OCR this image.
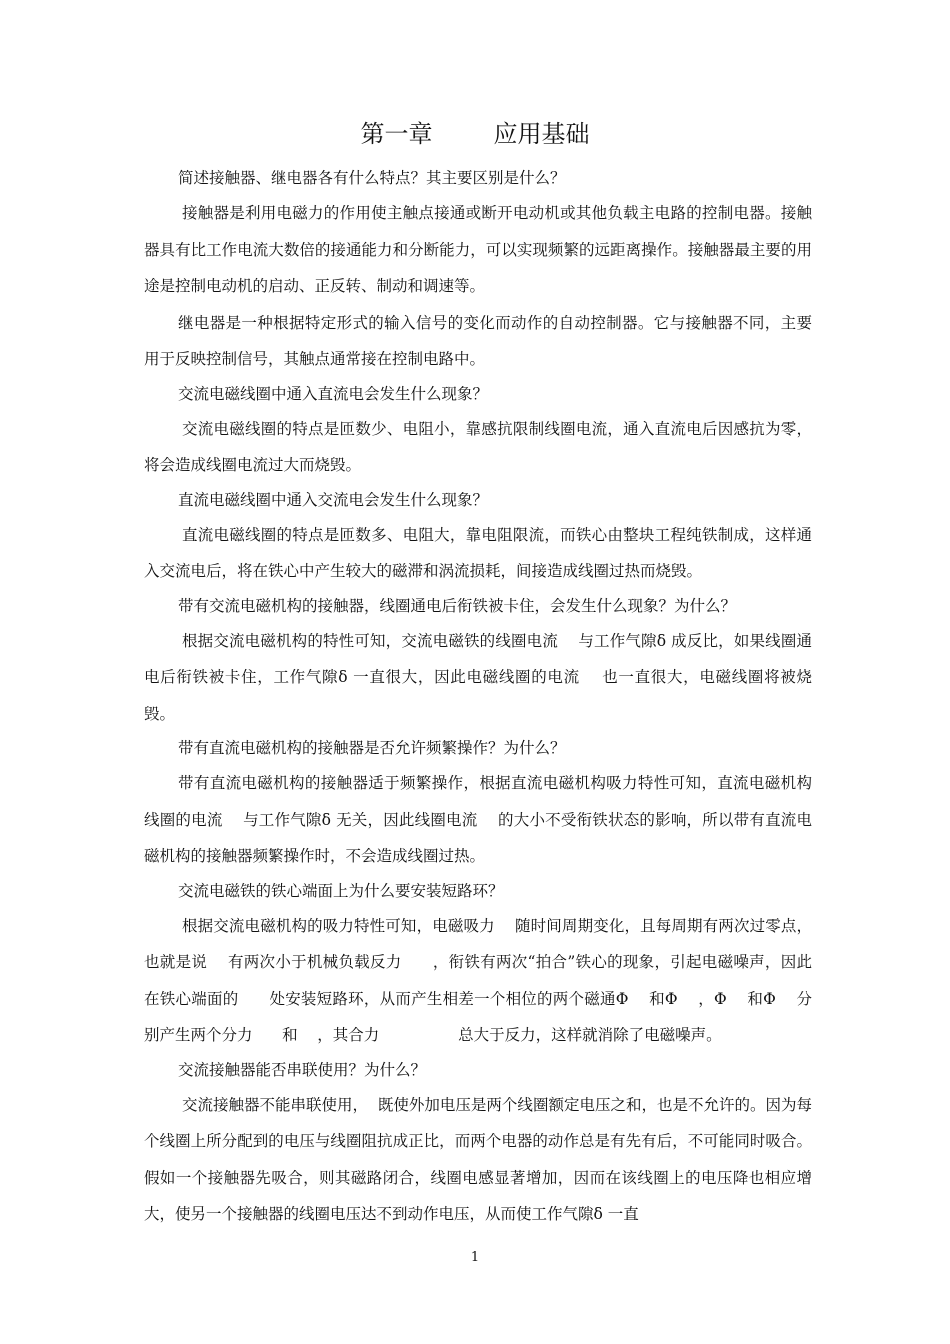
第一章        应用基础

简述接触器、继电器各有什么特点？其主要区别是什么？

接触器是利用电磁力的作用使主触点接通或断开电动机或其他负载主电路的控制电器。接触器具有比工作电流大数倍的接通能力和分断能力，可以实现频繁的远距离操作。接触器最主要的用途是控制电动机的启动、正反转、制动和调速等。

继电器是一种根据特定形式的输入信号的变化而动作的自动控制器。它与接触器不同，主要用于反映控制信号，其触点通常接在控制电路中。

交流电磁线圈中通入直流电会发生什么现象？

交流电磁线圈的特点是匝数少、电阻小，靠感抗限制线圈电流，通入直流电后因感抗为零，将会造成线圈电流过大而烧毁。

直流电磁线圈中通入交流电会发生什么现象？

直流电磁线圈的特点是匝数多、电阻大，靠电阻限流，而铁心由整块工程纯铁制成，这样通入交流电后，将在铁心中产生较大的磁滞和涡流损耗，间接造成线圈过热而烧毁。

带有交流电磁机构的接触器，线圈通电后衔铁被卡住，会发生什么现象？为什么？

根据交流电磁机构的特性可知，交流电磁铁的线圈电流    与工作气隙δ 成反比，如果线圈通电后衔铁被卡住，工作气隙δ 一直很大，因此电磁线圈的电流    也一直很大，电磁线圈将被烧毁。

带有直流电磁机构的接触器是否允许频繁操作？为什么？

带有直流电磁机构的接触器适于频繁操作，根据直流电磁机构吸力特性可知，直流电磁机构线圈的电流    与工作气隙δ 无关，因此线圈电流    的大小不受衔铁状态的影响，所以带有直流电磁机构的接触器频繁操作时，不会造成线圈过热。

交流电磁铁的铁心端面上为什么要安装短路环？

根据交流电磁机构的吸力特性可知，电磁吸力    随时间周期变化，且每周期有两次过零点，也就是说    有两次小于机械负载反力      ，衔铁有两次“拍合”铁心的现象，引起电磁噪声，因此在铁心端面的      处安装短路环，从而产生相差一个相位的两个磁通Φ    和Φ    ，Φ    和Φ    分别产生两个分力      和    ，其合力                总大于反力，这样就消除了电磁噪声。

交流接触器能否串联使用？为什么？

交流接触器不能串联使用，  既使外加电压是两个线圈额定电压之和，也是不允许的。因为每个线圈上所分配到的电压与线圈阻抗成正比，而两个电器的动作总是有先有后，不可能同时吸合。假如一个接触器先吸合，则其磁路闭合，线圈电感显著增加，因而在该线圈上的电压降也相应增大，使另一个接触器的线圈电压达不到动作电压，从而使工作气隙δ 一直

1
